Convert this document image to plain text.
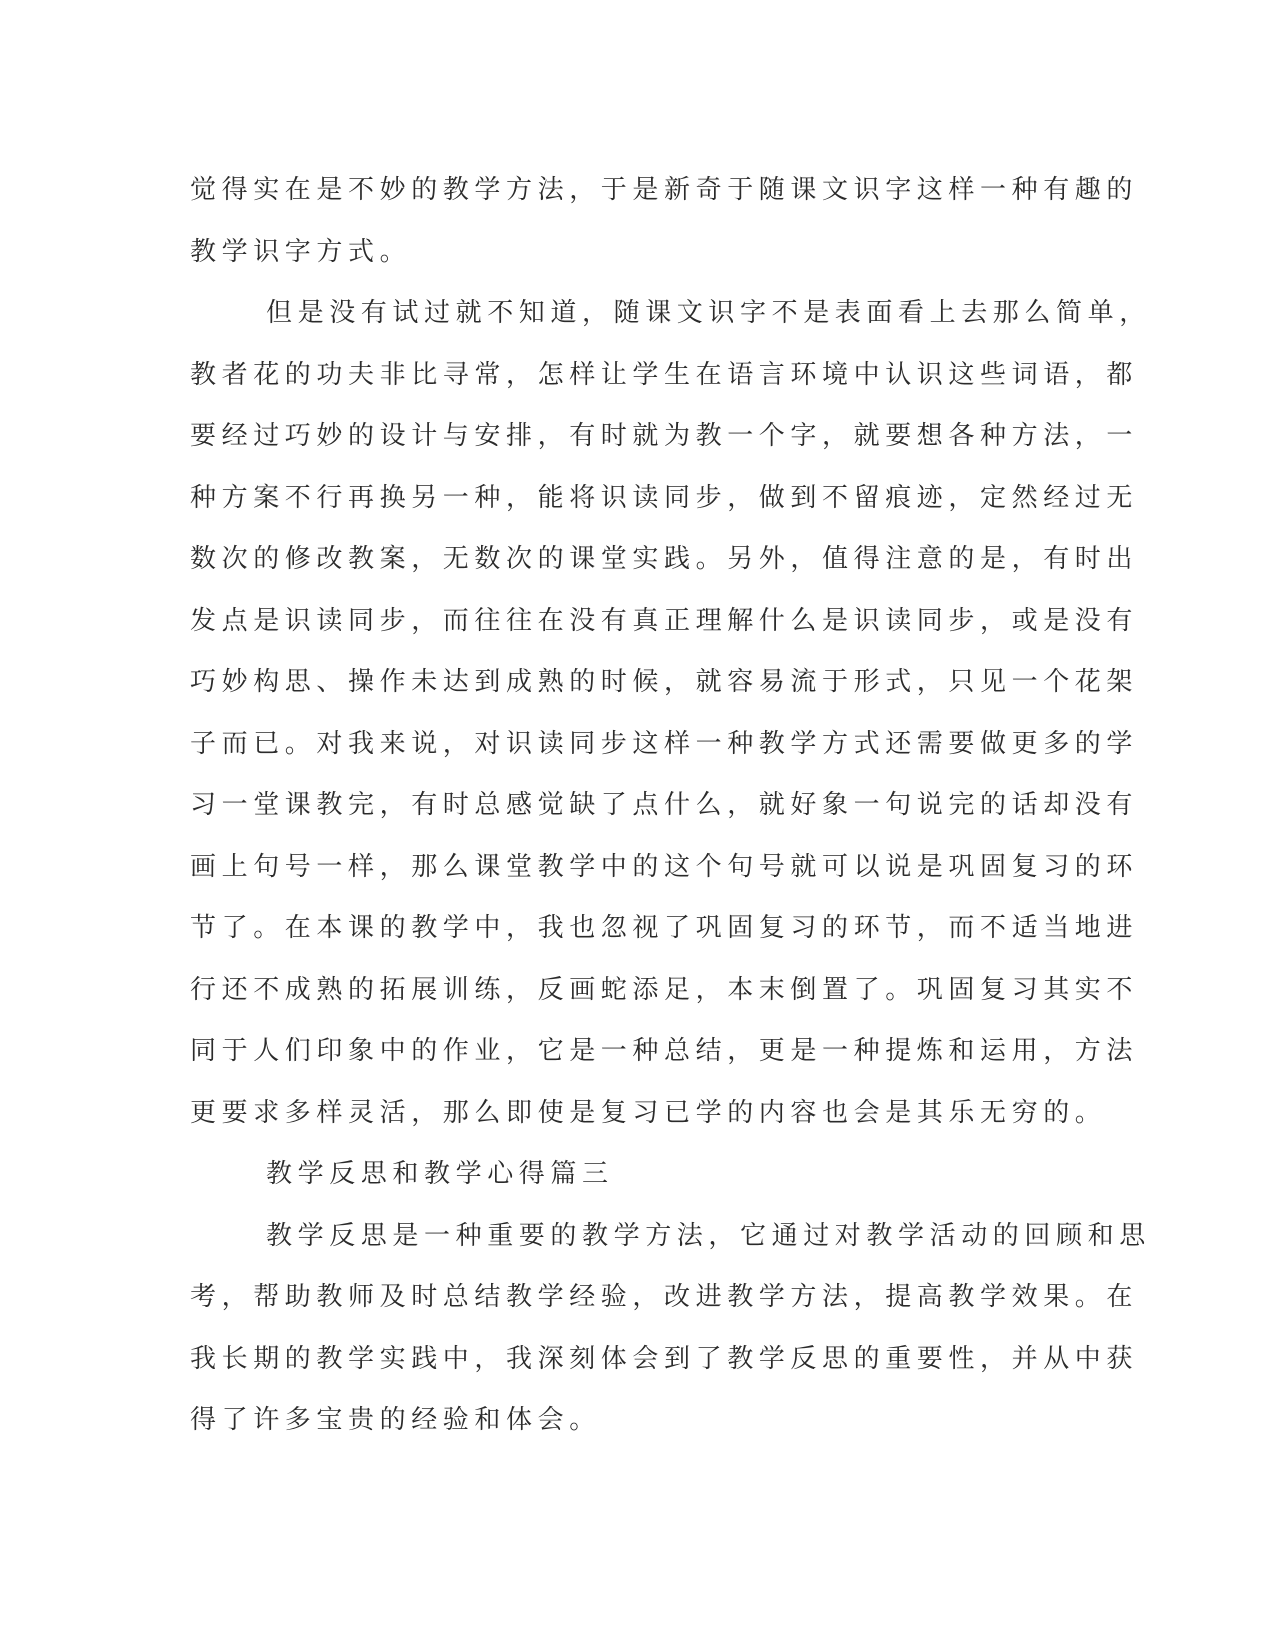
觉得实在是不妙的教学方法，于是新奇于随课文识字这样一种有趣的
教学识字方式。

但是没有试过就不知道，随课文识字不是表面看上去那么简单，
教者花的功夫非比寻常，怎样让学生在语言环境中认识这些词语，都
要经过巧妙的设计与安排，有时就为教一个字，就要想各种方法，一
种方案不行再换另一种，能将识读同步，做到不留痕迹，定然经过无
数次的修改教案，无数次的课堂实践。另外，值得注意的是，有时出
发点是识读同步，而往往在没有真正理解什么是识读同步，或是没有
巧妙构思、操作未达到成熟的时候，就容易流于形式，只见一个花架
子而已。对我来说，对识读同步这样一种教学方式还需要做更多的学
习一堂课教完，有时总感觉缺了点什么，就好象一句说完的话却没有
画上句号一样，那么课堂教学中的这个句号就可以说是巩固复习的环
节了。在本课的教学中，我也忽视了巩固复习的环节，而不适当地进
行还不成熟的拓展训练，反画蛇添足，本末倒置了。巩固复习其实不
同于人们印象中的作业，它是一种总结，更是一种提炼和运用，方法
更要求多样灵活，那么即使是复习已学的内容也会是其乐无穷的。

教学反思和教学心得篇三

教学反思是一种重要的教学方法，它通过对教学活动的回顾和思
考，帮助教师及时总结教学经验，改进教学方法，提高教学效果。在
我长期的教学实践中，我深刻体会到了教学反思的重要性，并从中获
得了许多宝贵的经验和体会。
